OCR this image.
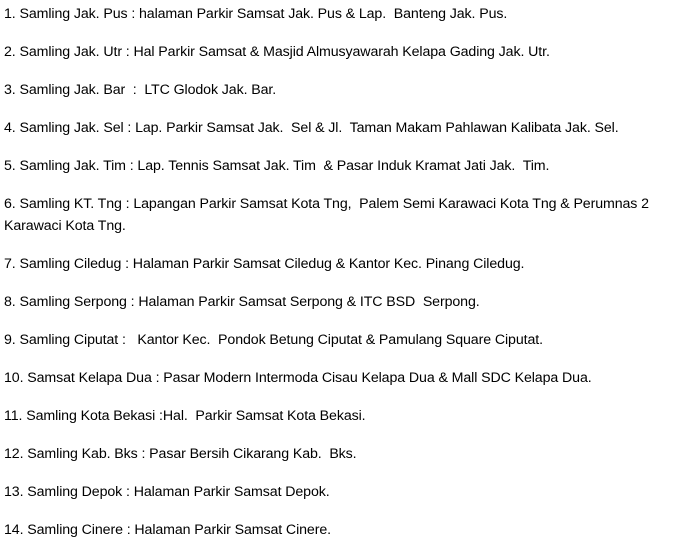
1. Samling Jak. Pus : halaman Parkir Samsat Jak. Pus & Lap.  Banteng Jak. Pus.
2. Samling Jak. Utr : Hal Parkir Samsat & Masjid Almusyawarah Kelapa Gading Jak. Utr.
3. Samling Jak. Bar  :  LTC Glodok Jak. Bar.
4. Samling Jak. Sel : Lap. Parkir Samsat Jak.  Sel & Jl.  Taman Makam Pahlawan Kalibata Jak. Sel.
5. Samling Jak. Tim : Lap. Tennis Samsat Jak. Tim  & Pasar Induk Kramat Jati Jak.  Tim.
6. Samling KT. Tng : Lapangan Parkir Samsat Kota Tng,  Palem Semi Karawaci Kota Tng & Perumnas 2
Karawaci Kota Tng.
7. Samling Ciledug : Halaman Parkir Samsat Ciledug & Kantor Kec. Pinang Ciledug.
8. Samling Serpong : Halaman Parkir Samsat Serpong & ITC BSD  Serpong.
9. Samling Ciputat :   Kantor Kec.  Pondok Betung Ciputat & Pamulang Square Ciputat.
10. Samsat Kelapa Dua : Pasar Modern Intermoda Cisau Kelapa Dua & Mall SDC Kelapa Dua.
11. Samling Kota Bekasi :Hal.  Parkir Samsat Kota Bekasi.
12. Samling Kab. Bks : Pasar Bersih Cikarang Kab.  Bks.
13. Samling Depok : Halaman Parkir Samsat Depok.
14. Samling Cinere : Halaman Parkir Samsat Cinere.
